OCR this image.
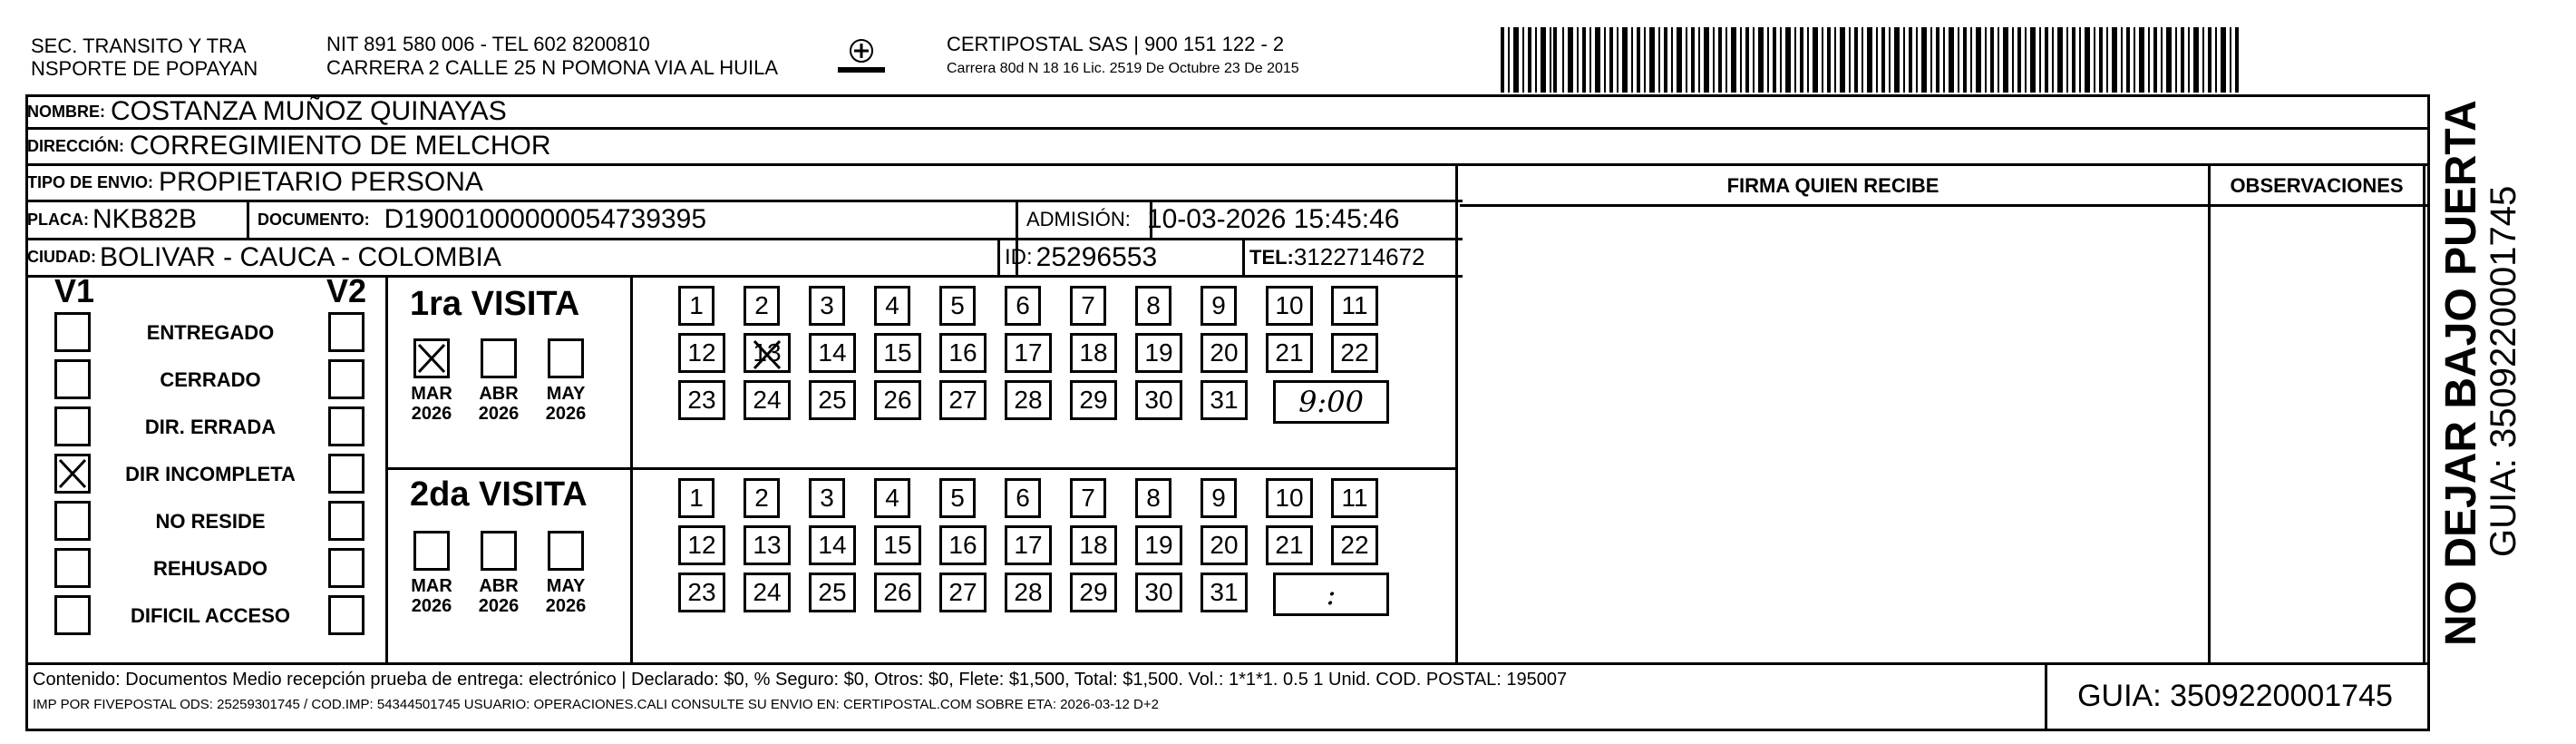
SEC. TRANSITO Y TRA
NSPORTE DE POPAYAN
NIT 891 580 006 - TEL 602 8200810
CARRERA 2 CALLE 25 N POMONA VIA AL HUILA
CERTIPOSTAL SAS | 900 151 122 - 2
Carrera 80d N 18 16 Lic. 2519 De Octubre 23 De 2015
NOMBRE: COSTANZA MUÑOZ QUINAYAS
DIRECCIÓN: CORREGIMIENTO DE MELCHOR
TIPO DE ENVIO: PROPIETARIO PERSONA
PLACA: NKB82B	DOCUMENTO: D19001000000054739395	ADMISIÓN: 10-03-2026 15:45:46
CIUDAD: BOLIVAR - CAUCA - COLOMBIA	ID: 25296553	TEL: 3122714672
FIRMA QUIEN RECIBE	OBSERVACIONES
V1	V2
ENTREGADO
CERRADO
DIR. ERRADA
DIR INCOMPLETA
NO RESIDE
REHUSADO
DIFICIL ACCESO
1ra VISITA
2da VISITA
MAR
2026
ABR
2026
MAY
2026
1	2	3	4	5	6	7	8	9	10	11
12	13	14	15	16	17	18	19	20	21	22
23	24	25	26	27	28	29	30	31	9:00
MAR
2026
ABR
2026
MAY
2026
1	2	3	4	5	6	7	8	9	10	11
12	13	14	15	16	17	18	19	20	21	22
23	24	25	26	27	28	29	30	31	:
Contenido: Documentos Medio recepción prueba de entrega: electrónico | Declarado: $0, % Seguro: $0, Otros: $0, Flete: $1,500, Total: $1,500. Vol.: 1*1*1. 0.5 1 Unid. COD. POSTAL: 195007
IMP POR FIVEPOSTAL ODS: 25259301745 / COD.IMP: 54344501745 USUARIO: OPERACIONES.CALI CONSULTE SU ENVIO EN: CERTIPOSTAL.COM SOBRE ETA: 2026-03-12 D+2	GUIA: 3509220001745
NO DEJAR BAJO PUERTA
GUIA: 3509220001745
